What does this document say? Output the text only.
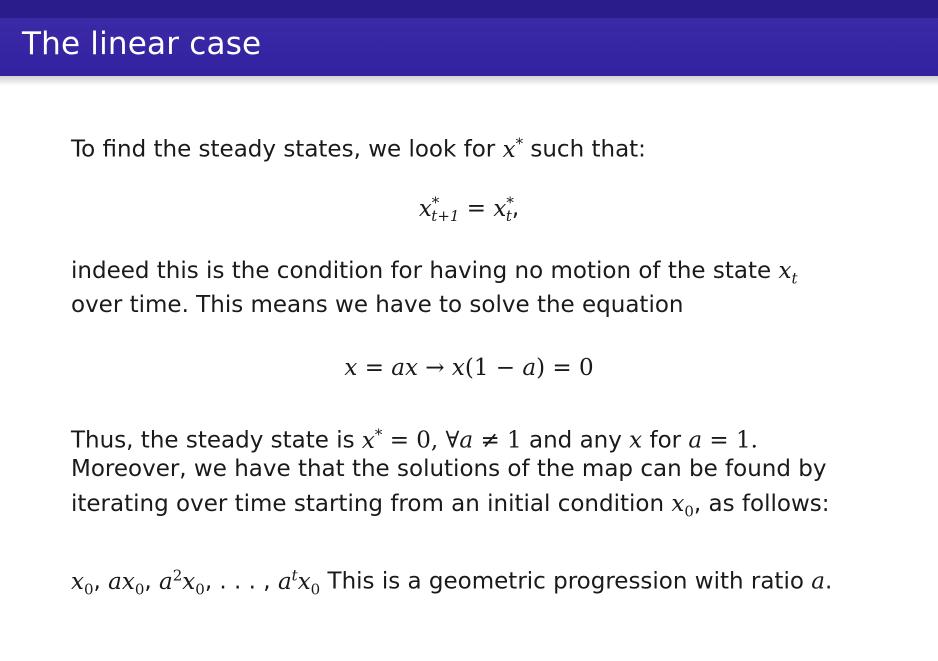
The linear case
To find the steady states, we look for x* such that:
$x^*_{t+1} = x^*_t$,
indeed this is the condition for having no motion of the state $x_t$
over time. This means we have to solve the equation
x = ax → x(1 − a) = 0
Thus, the steady state is x* = 0, ∀a ≠ 1 and any x for a = 1.
Moreover, we have that the solutions of the map can be found by
iterating over time starting from an initial condition $x_0$, as follows:
$x_0$, $ax_0$, $a^2x_0$, . . . , $a^tx_0$ This is a geometric progression with ratio a.
